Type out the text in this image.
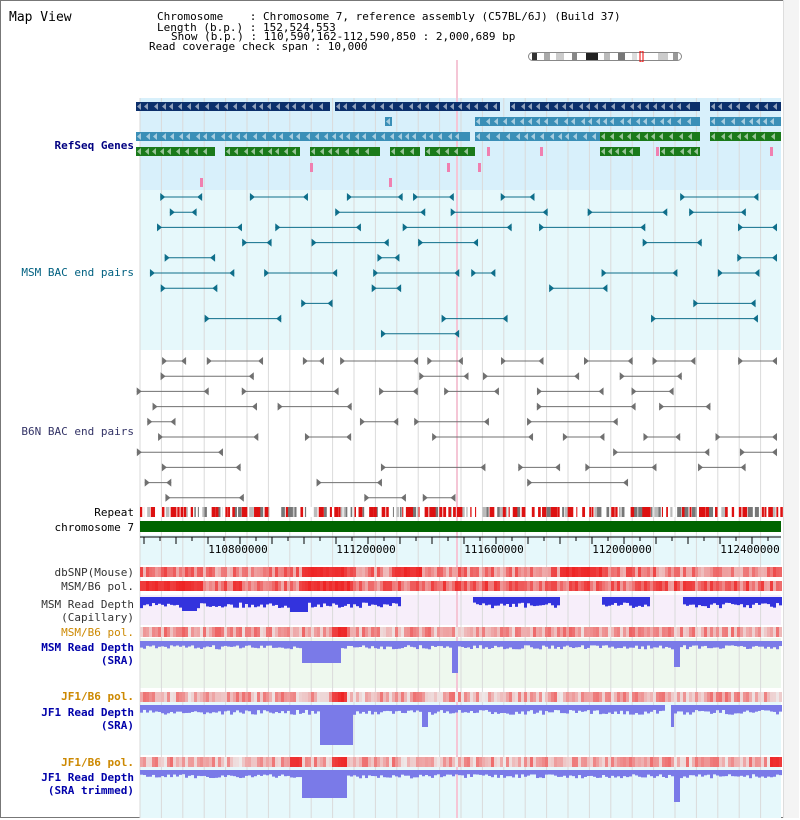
Map View	Chromosome    : Chromosome 7, reference assembly (C57BL/6J) (Build 37)
Length (b.p.) : 152,524,553
Show (b.p.) : 110,590,162-112,590,850 : 2,000,689 bp
Read coverage check span : 10,000
110800000	111200000	111600000	112000000	112400000
RefSeq Genes
MSM BAC end pairs
B6N BAC end pairs
Repeat
chromosome 7
dbSNP(Mouse)
MSM/B6 pol.
MSM Read Depth
(Capillary)
MSM/B6 pol.
MSM Read Depth
(SRA)
JF1/B6 pol.
JF1 Read Depth
(SRA)
JF1/B6 pol.
JF1 Read Depth
(SRA trimmed)
